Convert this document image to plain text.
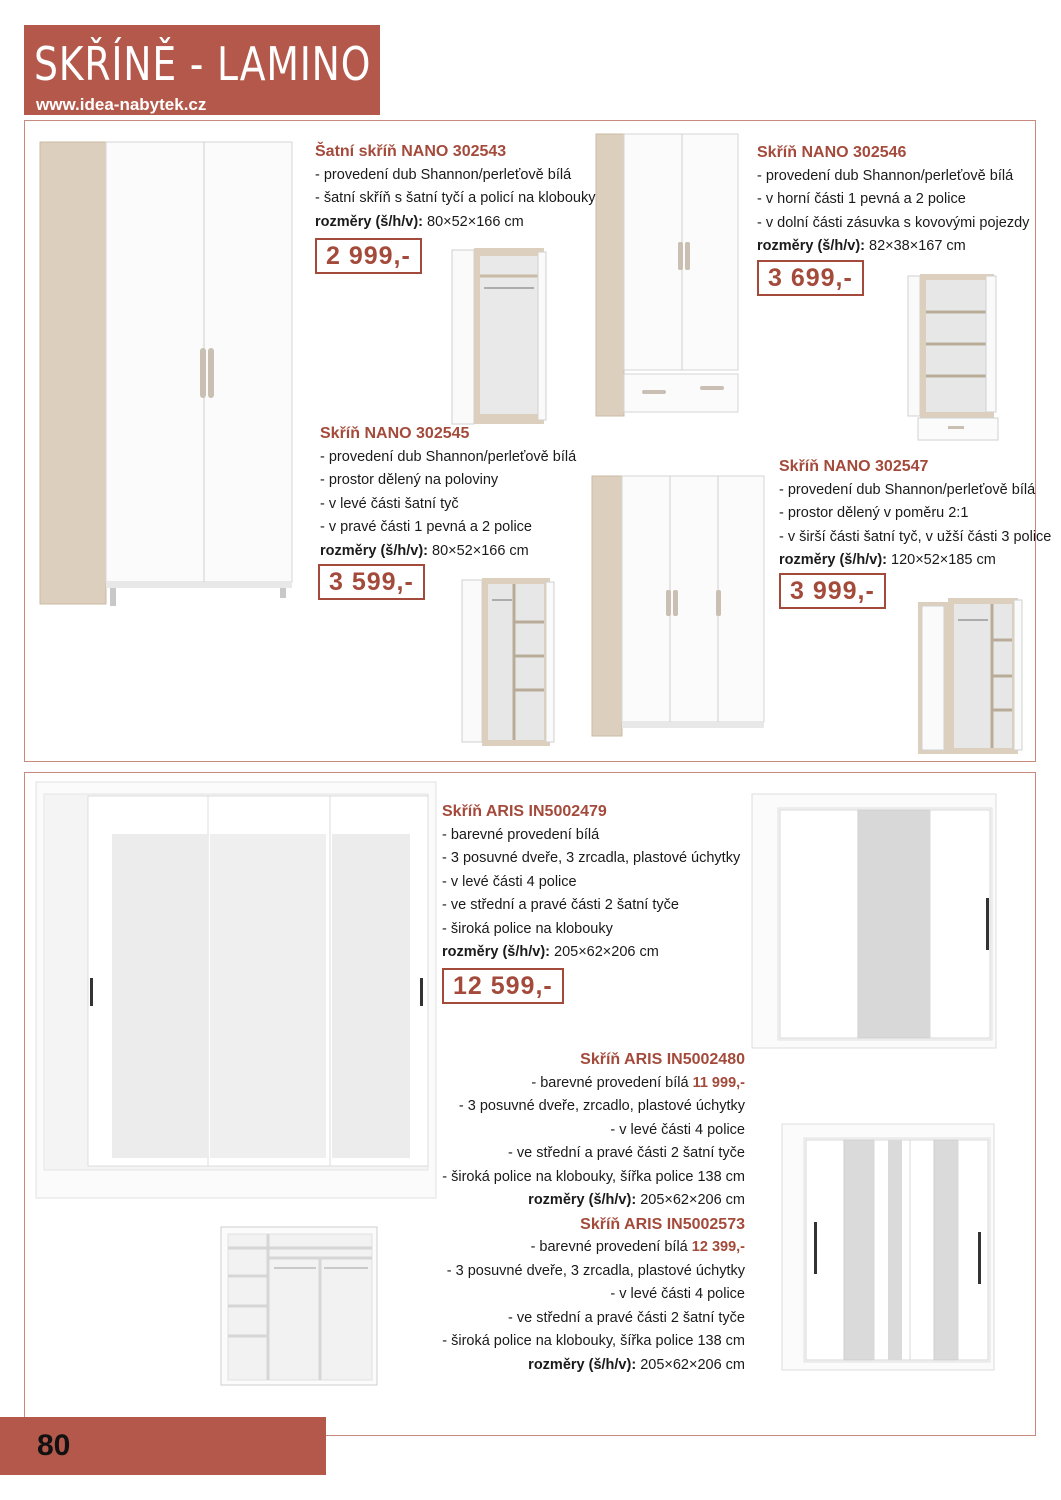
SKŘÍNĚ - LAMINO
www.idea-nabytek.cz
Šatní skříň NANO 302543
- provedení dub Shannon/perleťově bílá
- šatní skříň s šatní tyčí a policí na klobouky
rozměry (š/h/v): 80×52×166 cm
2 999,-
Skříň NANO 302546
- provedení dub Shannon/perleťově bílá
- v horní části 1 pevná a 2 police
- v dolní části zásuvka s kovovými pojezdy
rozměry (š/h/v): 82×38×167 cm
3 699,-
Skříň NANO 302545
- provedení dub Shannon/perleťově bílá
- prostor dělený na poloviny
- v levé části šatní tyč
- v pravé části 1 pevná a 2 police
rozměry (š/h/v): 80×52×166 cm
3 599,-
Skříň NANO 302547
- provedení dub Shannon/perleťově bílá
- prostor dělený v poměru 2:1
- v širší části šatní tyč, v užší části 3 police
rozměry (š/h/v): 120×52×185 cm
3 999,-
Skříň ARIS IN5002479
- barevné provedení bílá
- 3 posuvné dveře, 3 zrcadla, plastové úchytky
- v levé části 4 police
- ve střední a pravé části 2 šatní tyče
- široká police na klobouky
rozměry (š/h/v): 205×62×206 cm
12 599,-
Skříň ARIS IN5002480
- barevné provedení bílá 11 999,-
- 3 posuvné dveře, zrcadlo, plastové úchytky
- v levé části 4 police
- ve střední a pravé části 2 šatní tyče
- široká police na klobouky, šířka police 138 cm
rozměry (š/h/v): 205×62×206 cm
Skříň ARIS IN5002573
- barevné provedení bílá 12 399,-
- 3 posuvné dveře, 3 zrcadla, plastové úchytky
- v levé části 4 police
- ve střední a pravé části 2 šatní tyče
- široká police na klobouky, šířka police 138 cm
rozměry (š/h/v): 205×62×206 cm
80
